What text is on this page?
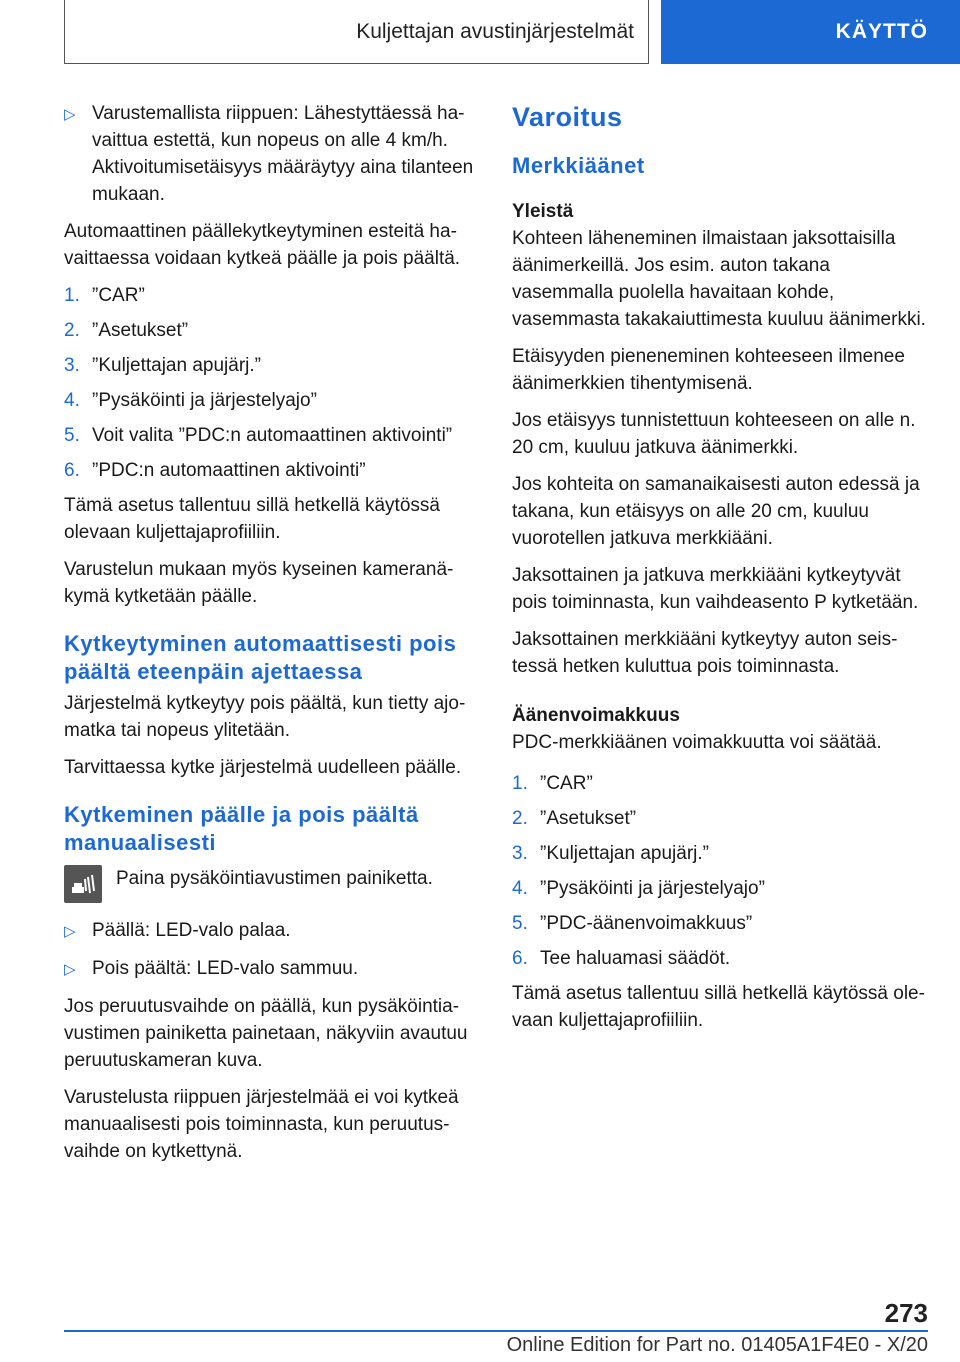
Kuljettajan avustinjärjestelmät	KÄYTTÖ
▷ Varustemallista riippuen: Lähestyttäessä havaittua estettä, kun nopeus on alle 4 km/h. Aktivoitumisetäisyys määräytyy aina tilanteen mukaan.

Automaattinen päällekytkeytyminen esteitä havaittaessa voidaan kytkeä päälle ja pois päältä.

1. ”CAR”
2. ”Asetukset”
3. ”Kuljettajan apujärj.”
4. ”Pysäköinti ja järjestelyajo”
5. Voit valita ”PDC:n automaattinen aktivointi”
6. ”PDC:n automaattinen aktivointi”

Tämä asetus tallentuu sillä hetkellä käytössä olevaan kuljettajaprofiiliin.

Varustelun mukaan myös kyseinen kameranäkymä kytketään päälle.

Kytkeytyminen automaattisesti pois päältä eteenpäin ajettaessa

Järjestelmä kytkeytyy pois päältä, kun tietty ajomatka tai nopeus ylitetään.

Tarvittaessa kytke järjestelmä uudelleen päälle.

Kytkeminen päälle ja pois päältä manuaalisesti
Paina pysäköintiavustimen painiketta.
▷ Päällä: LED-valo palaa.
▷ Pois päältä: LED-valo sammuu.

Jos peruutusvaihde on päällä, kun pysäköintiavustimen painiketta painetaan, näkyviin avautuu peruutuskameran kuva.

Varustelusta riippuen järjestelmää ei voi kytkeä manuaalisesti pois toiminnasta, kun peruutusvaihde on kytkettynä.

Varoitus
Merkkiäänet
Yleistä

Kohteen läheneminen ilmaistaan jaksottaisilla äänimerkeillä. Jos esim. auton takana vasemmalla puolella havaitaan kohde, vasemmasta takakaiuttimesta kuuluu äänimerkki.

Etäisyyden pieneneminen kohteeseen ilmenee äänimerkkien tihentymisenä.

Jos etäisyys tunnistettuun kohteeseen on alle n. 20 cm, kuuluu jatkuva äänimerkki.

Jos kohteita on samanaikaisesti auton edessä ja takana, kun etäisyys on alle 20 cm, kuuluu vuorotellen jatkuva merkkiääni.

Jaksottainen ja jatkuva merkkiääni kytkeytyvät pois toiminnasta, kun vaihdeasento P kytketään.

Jaksottainen merkkiääni kytkeytyy auton seistessä hetken kuluttua pois toiminnasta.

Äänenvoimakkuus

PDC-merkkiäänen voimakkuutta voi säätää.

1. ”CAR”
2. ”Asetukset”
3. ”Kuljettajan apujärj.”
4. ”Pysäköinti ja järjestelyajo”
5. ”PDC-äänenvoimakkuus”
6. Tee haluamasi säädöt.

Tämä asetus tallentuu sillä hetkellä käytössä olevaan kuljettajaprofiiliin.

273
Online Edition for Part no. 01405A1F4E0 - X/20
